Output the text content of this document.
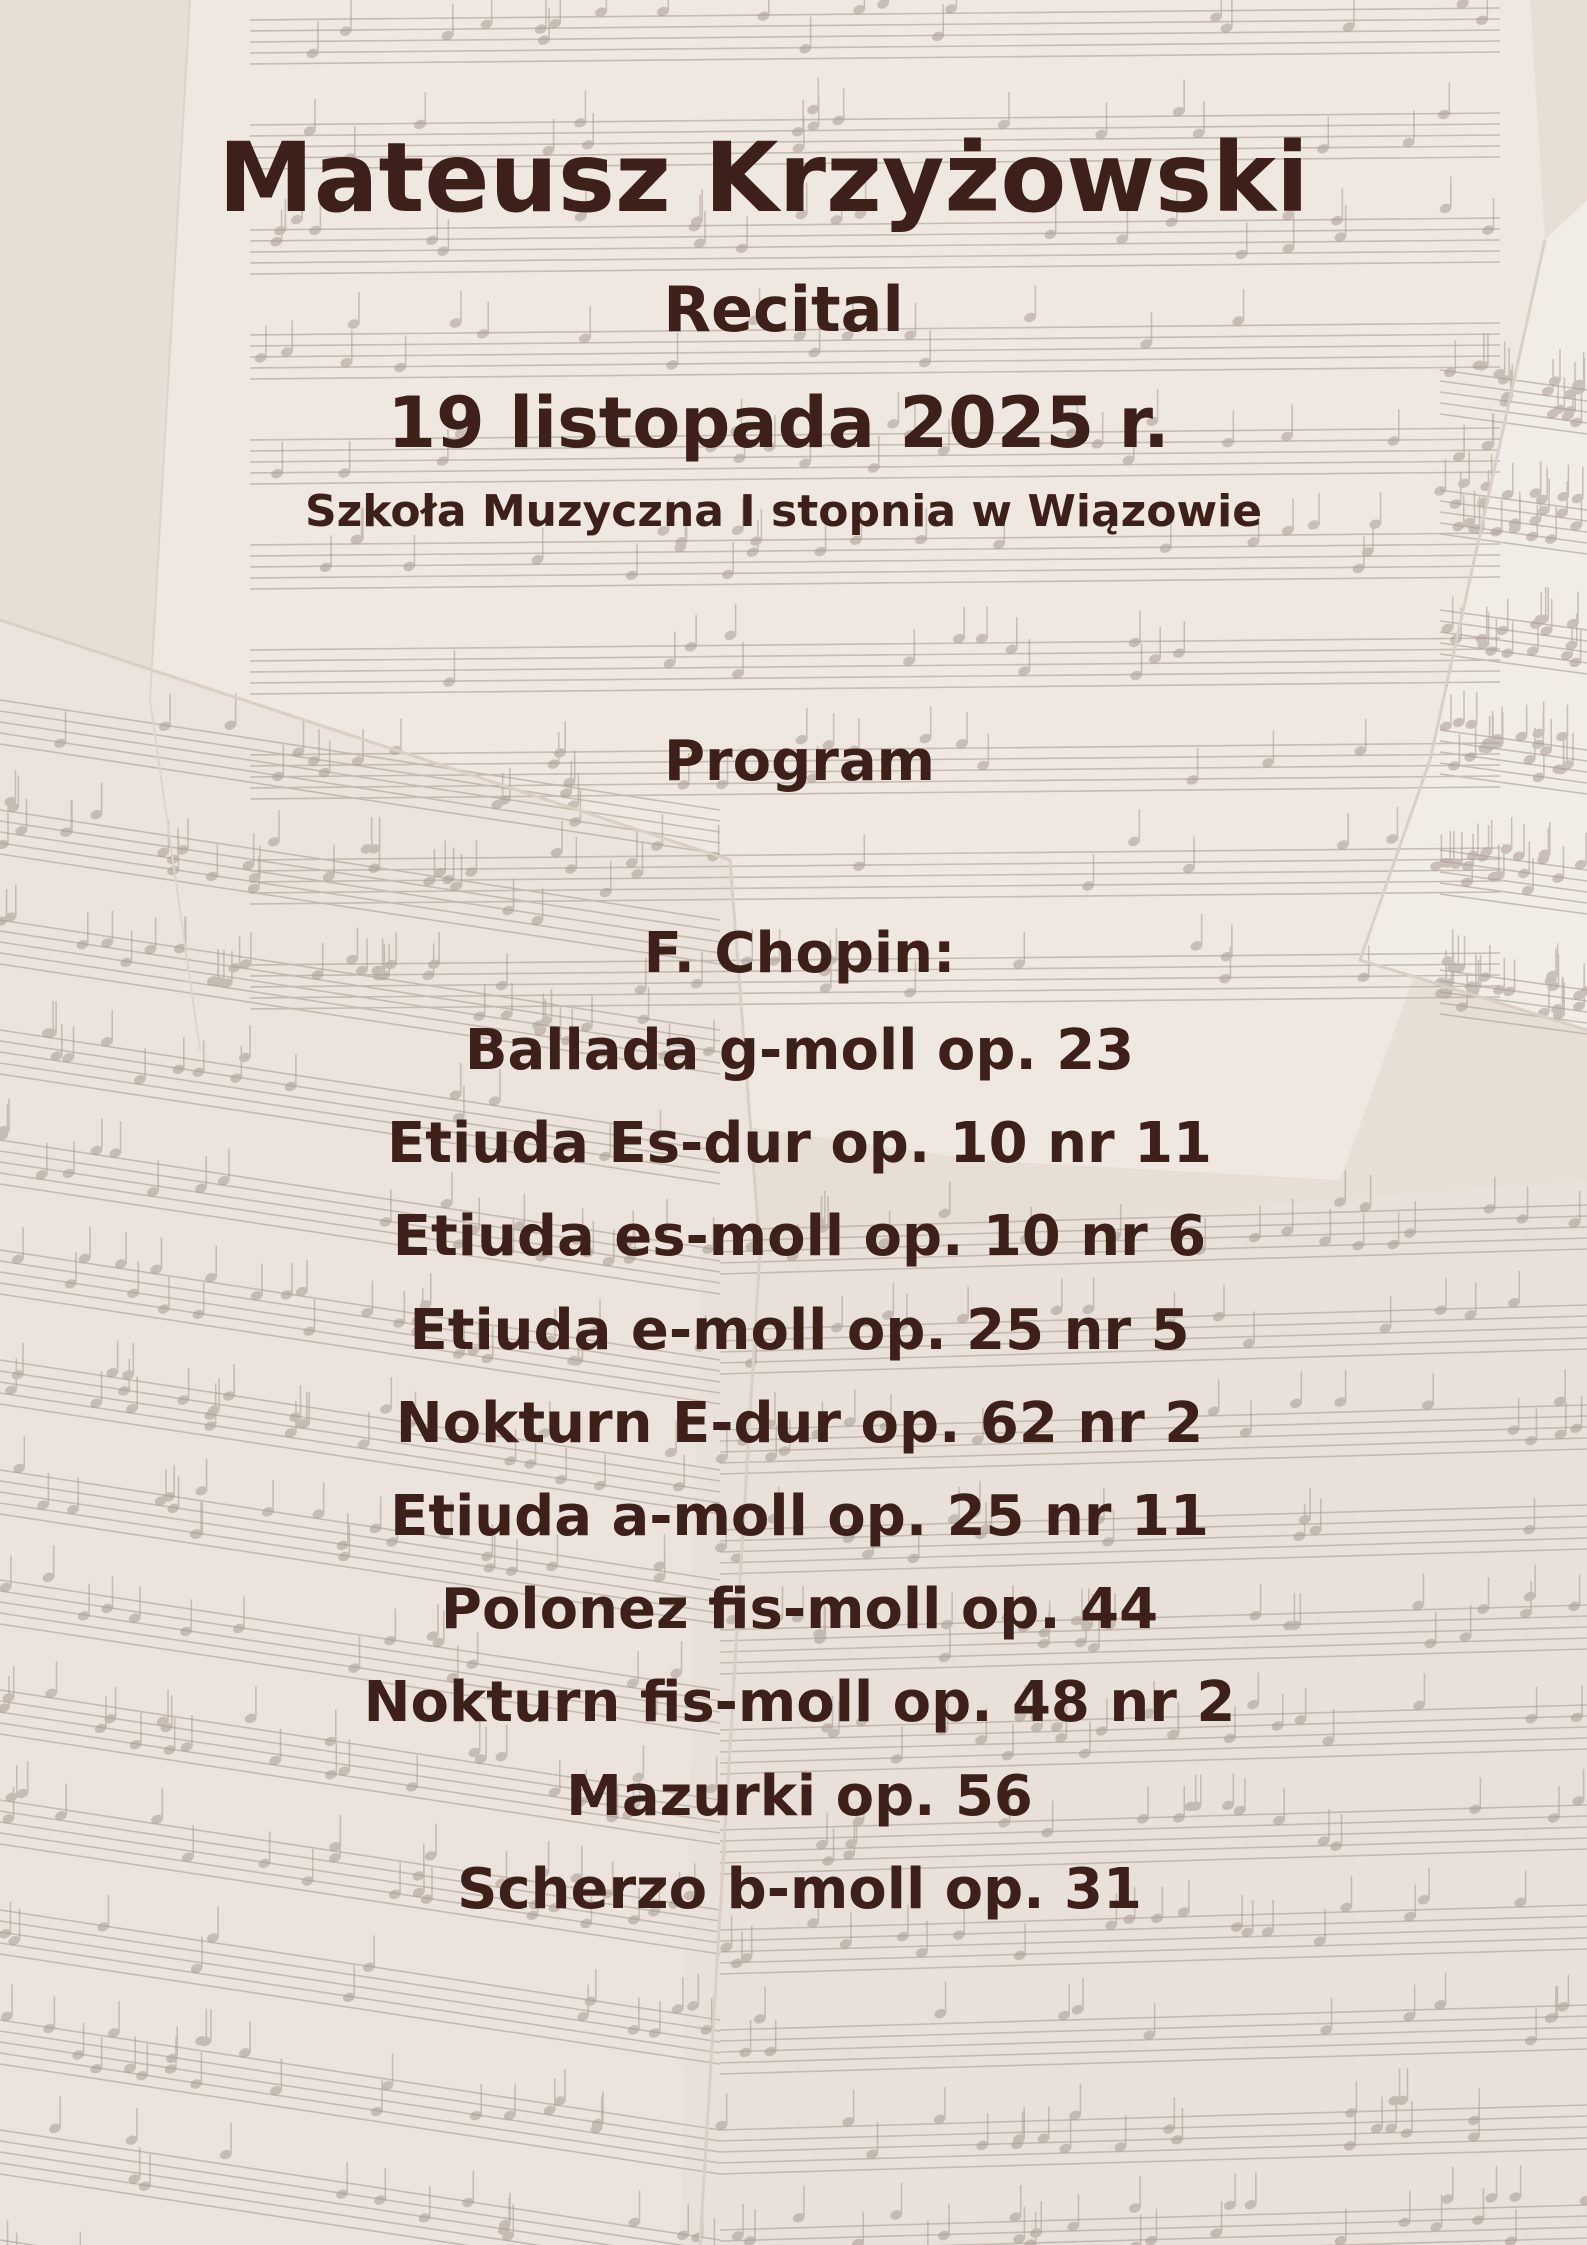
Mateusz Krzyżowski
Recital
19 listopada 2025 r.
Szkoła Muzyczna I stopnia w Wiązowie
Program
F. Chopin:
Ballada g-moll op. 23
Etiuda Es-dur op. 10 nr 11
Etiuda es-moll op. 10 nr 6
Etiuda e-moll op. 25 nr 5
Nokturn E-dur op. 62 nr 2
Etiuda a-moll op. 25 nr 11
Polonez fis-moll op. 44
Nokturn fis-moll op. 48 nr 2
Mazurki op. 56
Scherzo b-moll op. 31
